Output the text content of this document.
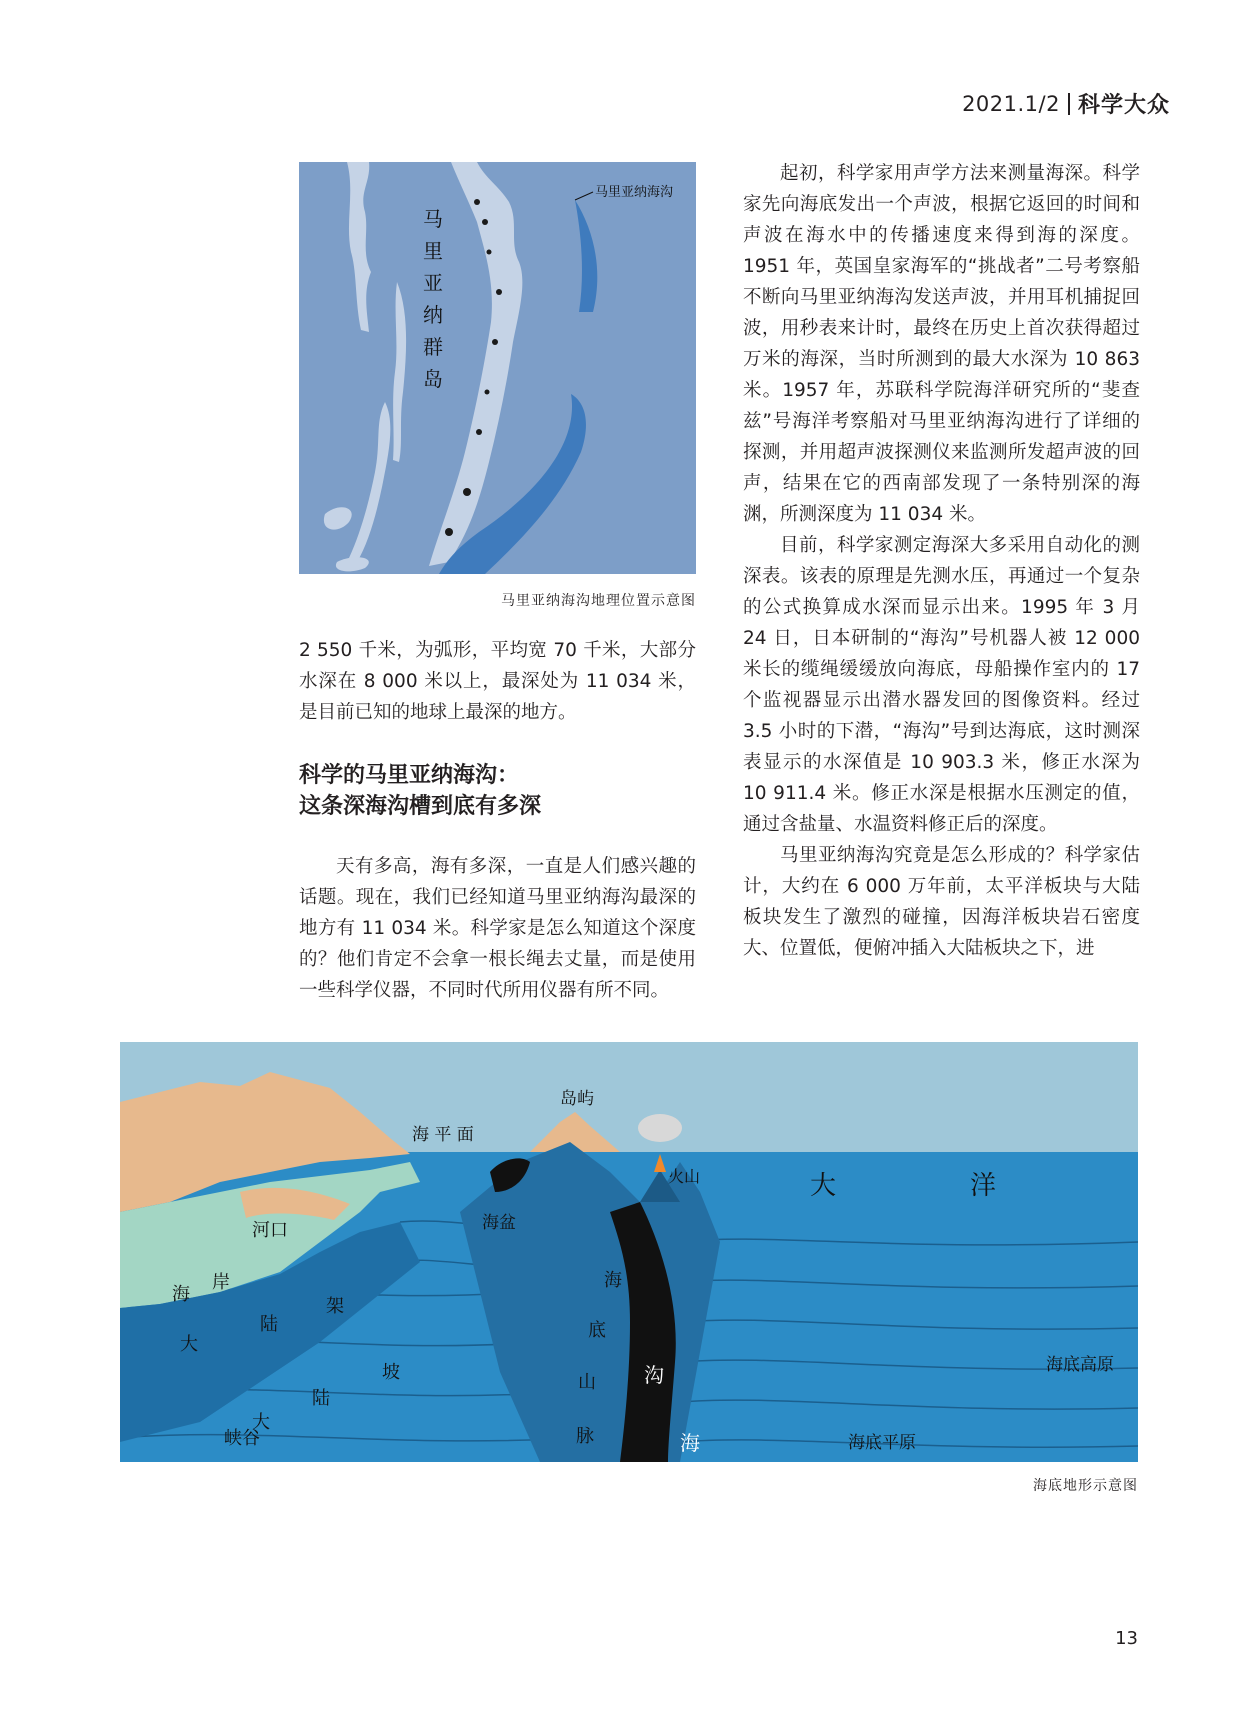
2021.1/2 科学大众
马里亚纳海沟
马
里
亚
纳
群
岛
马里亚纳海沟地理位置示意图

2 550 千米，为弧形，平均宽 70 千米，大部分水深在 8 000 米以上，最深处为 11 034 米，是目前已知的地球上最深的地方。

科学的马里亚纳海沟：
这条深海沟槽到底有多深

天有多高，海有多深，一直是人们感兴趣的话题。现在，我们已经知道马里亚纳海沟最深的地方有 11 034 米。科学家是怎么知道这个深度的？他们肯定不会拿一根长绳去丈量，而是使用一些科学仪器，不同时代所用仪器有所不同。

起初，科学家用声学方法来测量海深。科学家先向海底发出一个声波，根据它返回的时间和声波在海水中的传播速度来得到海的深度。1951 年，英国皇家海军的“挑战者”二号考察船不断向马里亚纳海沟发送声波，并用耳机捕捉回波，用秒表来计时，最终在历史上首次获得超过万米的海深，当时所测到的最大水深为 10 863 米。1957 年，苏联科学院海洋研究所的“斐查兹”号海洋考察船对马里亚纳海沟进行了详细的探测，并用超声波探测仪来监测所发超声波的回声，结果在它的西南部发现了一条特别深的海渊，所测深度为 11 034 米。

目前，科学家测定海深大多采用自动化的测深表。该表的原理是先测水压，再通过一个复杂的公式换算成水深而显示出来。1995 年 3 月 24 日，日本研制的“海沟”号机器人被 12 000 米长的缆绳缓缓放向海底，母船操作室内的 17 个监视器显示出潜水器发回的图像资料。经过 3.5 小时的下潜，“海沟”号到达海底，这时测深表显示的水深值是 10 903.3 米，修正水深为 10 911.4 米。修正水深是根据水压测定的值，通过含盐量、水温资料修正后的深度。

马里亚纳海沟究竟是怎么形成的？科学家估计，大约在 6 000 万年前，太平洋板块与大陆板块发生了激烈的碰撞，因海洋板块岩石密度大、位置低，便俯冲插入大陆板块之下，进

岛屿
海 平 面
火山	大	洋
河口	海盆
海
岸
大
陆
架
大
陆
坡
峡谷
海
底
山
脉	海
沟	海底高原
海底平原
海底地形示意图
13
